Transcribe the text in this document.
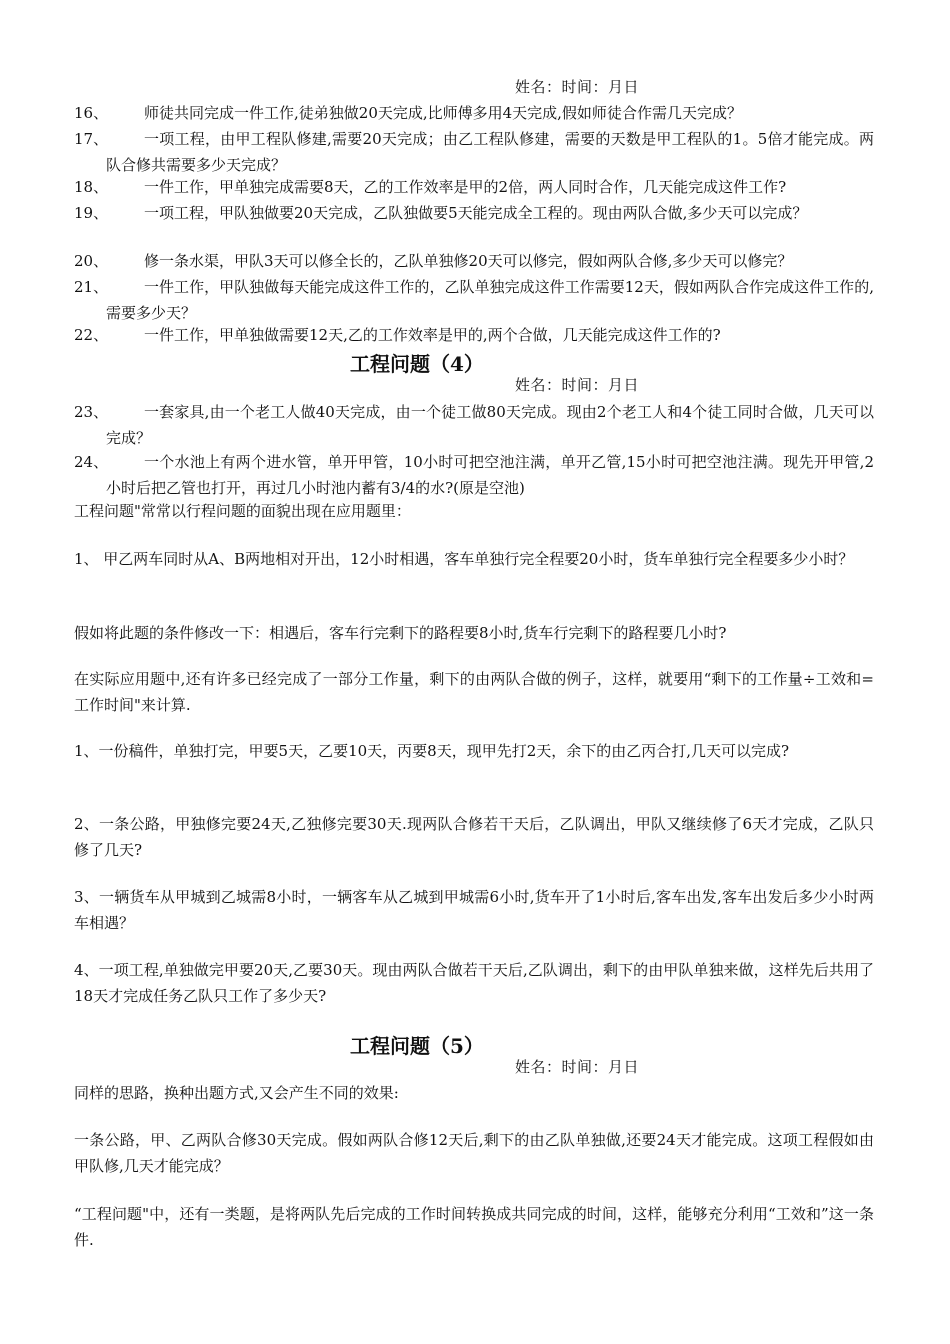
姓名：时间：月日
16、	师徒共同完成一件工作,徒弟独做20天完成,比师傅多用4天完成,假如师徒合作需几天完成？
17、	一项工程，由甲工程队修建,需要20天完成；由乙工程队修建，需要的天数是甲工程队的1。5倍才能完成。两队合修共需要多少天完成？
18、	一件工作，甲单独完成需要8天，乙的工作效率是甲的2倍，两人同时合作，几天能完成这件工作?
19、	一项工程，甲队独做要20天完成，乙队独做要5天能完成全工程的。现由两队合做,多少天可以完成？
20、	修一条水渠，甲队3天可以修全长的，乙队单独修20天可以修完，假如两队合修,多少天可以修完？
21、	一件工作，甲队独做每天能完成这件工作的，乙队单独完成这件工作需要12天，假如两队合作完成这件工作的,需要多少天？
22、	一件工作，甲单独做需要12天,乙的工作效率是甲的,两个合做，几天能完成这件工作的?
工程问题（4）
姓名：时间：月日
23、	一套家具,由一个老工人做40天完成，由一个徒工做80天完成。现由2个老工人和4个徒工同时合做，几天可以完成？
24、	一个水池上有两个进水管，单开甲管，10小时可把空池注满，单开乙管,15小时可把空池注满。现先开甲管,2小时后把乙管也打开，再过几小时池内蓄有3/4的水?(原是空池)
工程问题"常常以行程问题的面貌出现在应用题里：
1、 甲乙两车同时从A、B两地相对开出，12小时相遇，客车单独行完全程要20小时，货车单独行完全程要多少小时？
假如将此题的条件修改一下：相遇后，客车行完剩下的路程要8小时,货车行完剩下的路程要几小时?
在实际应用题中,还有许多已经完成了一部分工作量，剩下的由两队合做的例子，这样，就要用“剩下的工作量÷工效和=工作时间"来计算.
1、一份稿件，单独打完，甲要5天，乙要10天，丙要8天，现甲先打2天，余下的由乙丙合打,几天可以完成?
2、一条公路，甲独修完要24天,乙独修完要30天.现两队合修若干天后，乙队调出，甲队又继续修了6天才完成，乙队只修了几天?
3、一辆货车从甲城到乙城需8小时，一辆客车从乙城到甲城需6小时,货车开了1小时后,客车出发,客车出发后多少小时两车相遇？
4、一项工程,单独做完甲要20天,乙要30天。现由两队合做若干天后,乙队调出，剩下的由甲队单独来做，这样先后共用了18天才完成任务乙队只工作了多少天?
工程问题（5）
姓名：时间：月日
同样的思路，换种出题方式,又会产生不同的效果:
一条公路，甲、乙两队合修30天完成。假如两队合修12天后,剩下的由乙队单独做,还要24天才能完成。这项工程假如由甲队修,几天才能完成？
“工程问题"中，还有一类题，是将两队先后完成的工作时间转换成共同完成的时间，这样，能够充分利用“工效和”这一条件.
